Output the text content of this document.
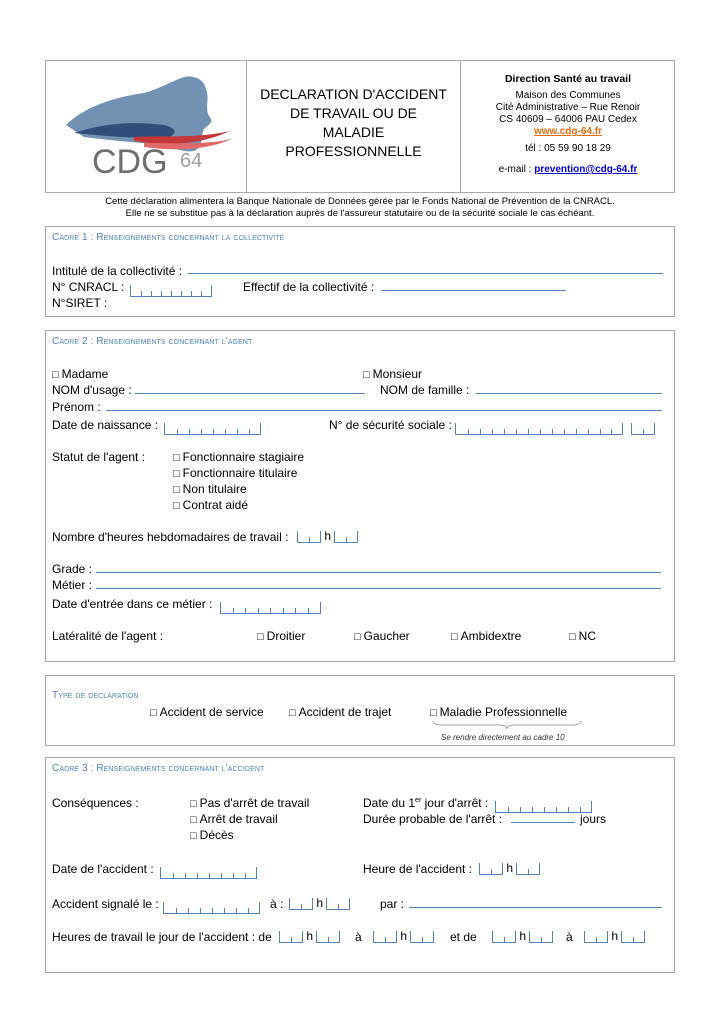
CDG 64
DECLARATION D'ACCIDENT
DE TRAVAIL OU DE
MALADIE
PROFESSIONNELLE
Direction Santé au travail
Maison des Communes
Cité Administrative – Rue Renoir
CS 40609 – 64006 PAU Cedex
www.cdg-64.fr
tél : 05 59 90 18 29
e-mail : prevention@cdg-64.fr
Cette déclaration alimentera la Banque Nationale de Données gérée par le Fonds National de Prévention de la CNRACL.
Elle ne se substitue pas à la déclaration auprès de l'assureur statutaire ou de la sécurité sociale le cas échéant.
Cadre 1 : Renseignements concernant la collectivité
Intitulé de la collectivité :
N° CNRACL :	Effectif de la collectivité :
N°SIRET :
Cadre 2 : Renseignements concernant l'agent
□ Madame	□ Monsieur
NOM d'usage :	NOM de famille :
Prénom :
Date de naissance :	N° de sécurité sociale :

Statut de l'agent :	□ Fonctionnaire stagiaire
□ Fonctionnaire titulaire
□ Non titulaire
□ Contrat aidé
Nombre d'heures hebdomadaires de travail :	h
Grade :
Métier :
Date d'entrée dans ce métier :
Latéralité de l'agent :	□ Droitier	□ Gaucher	□ Ambidextre	□ NC
Type de declaration
□ Accident de service □ Accident de trajet	□ Maladie Professionnelle
Se rendre directement au cadre 10
Cadre 3 : Renseignements concernant l'accident
Conséquences :	□ Pas d'arrêt de travail
□ Arrêt de travail
□ Décès
Date du 1er jour d'arrêt :
Durée probable de l'arrêt :	jours
Date de l'accident :	Heure de l'accident :	h
Accident signalé le :	à :	h	par :
Heures de travail le jour de l'accident : de	h	à	h	et de	h	à	h
